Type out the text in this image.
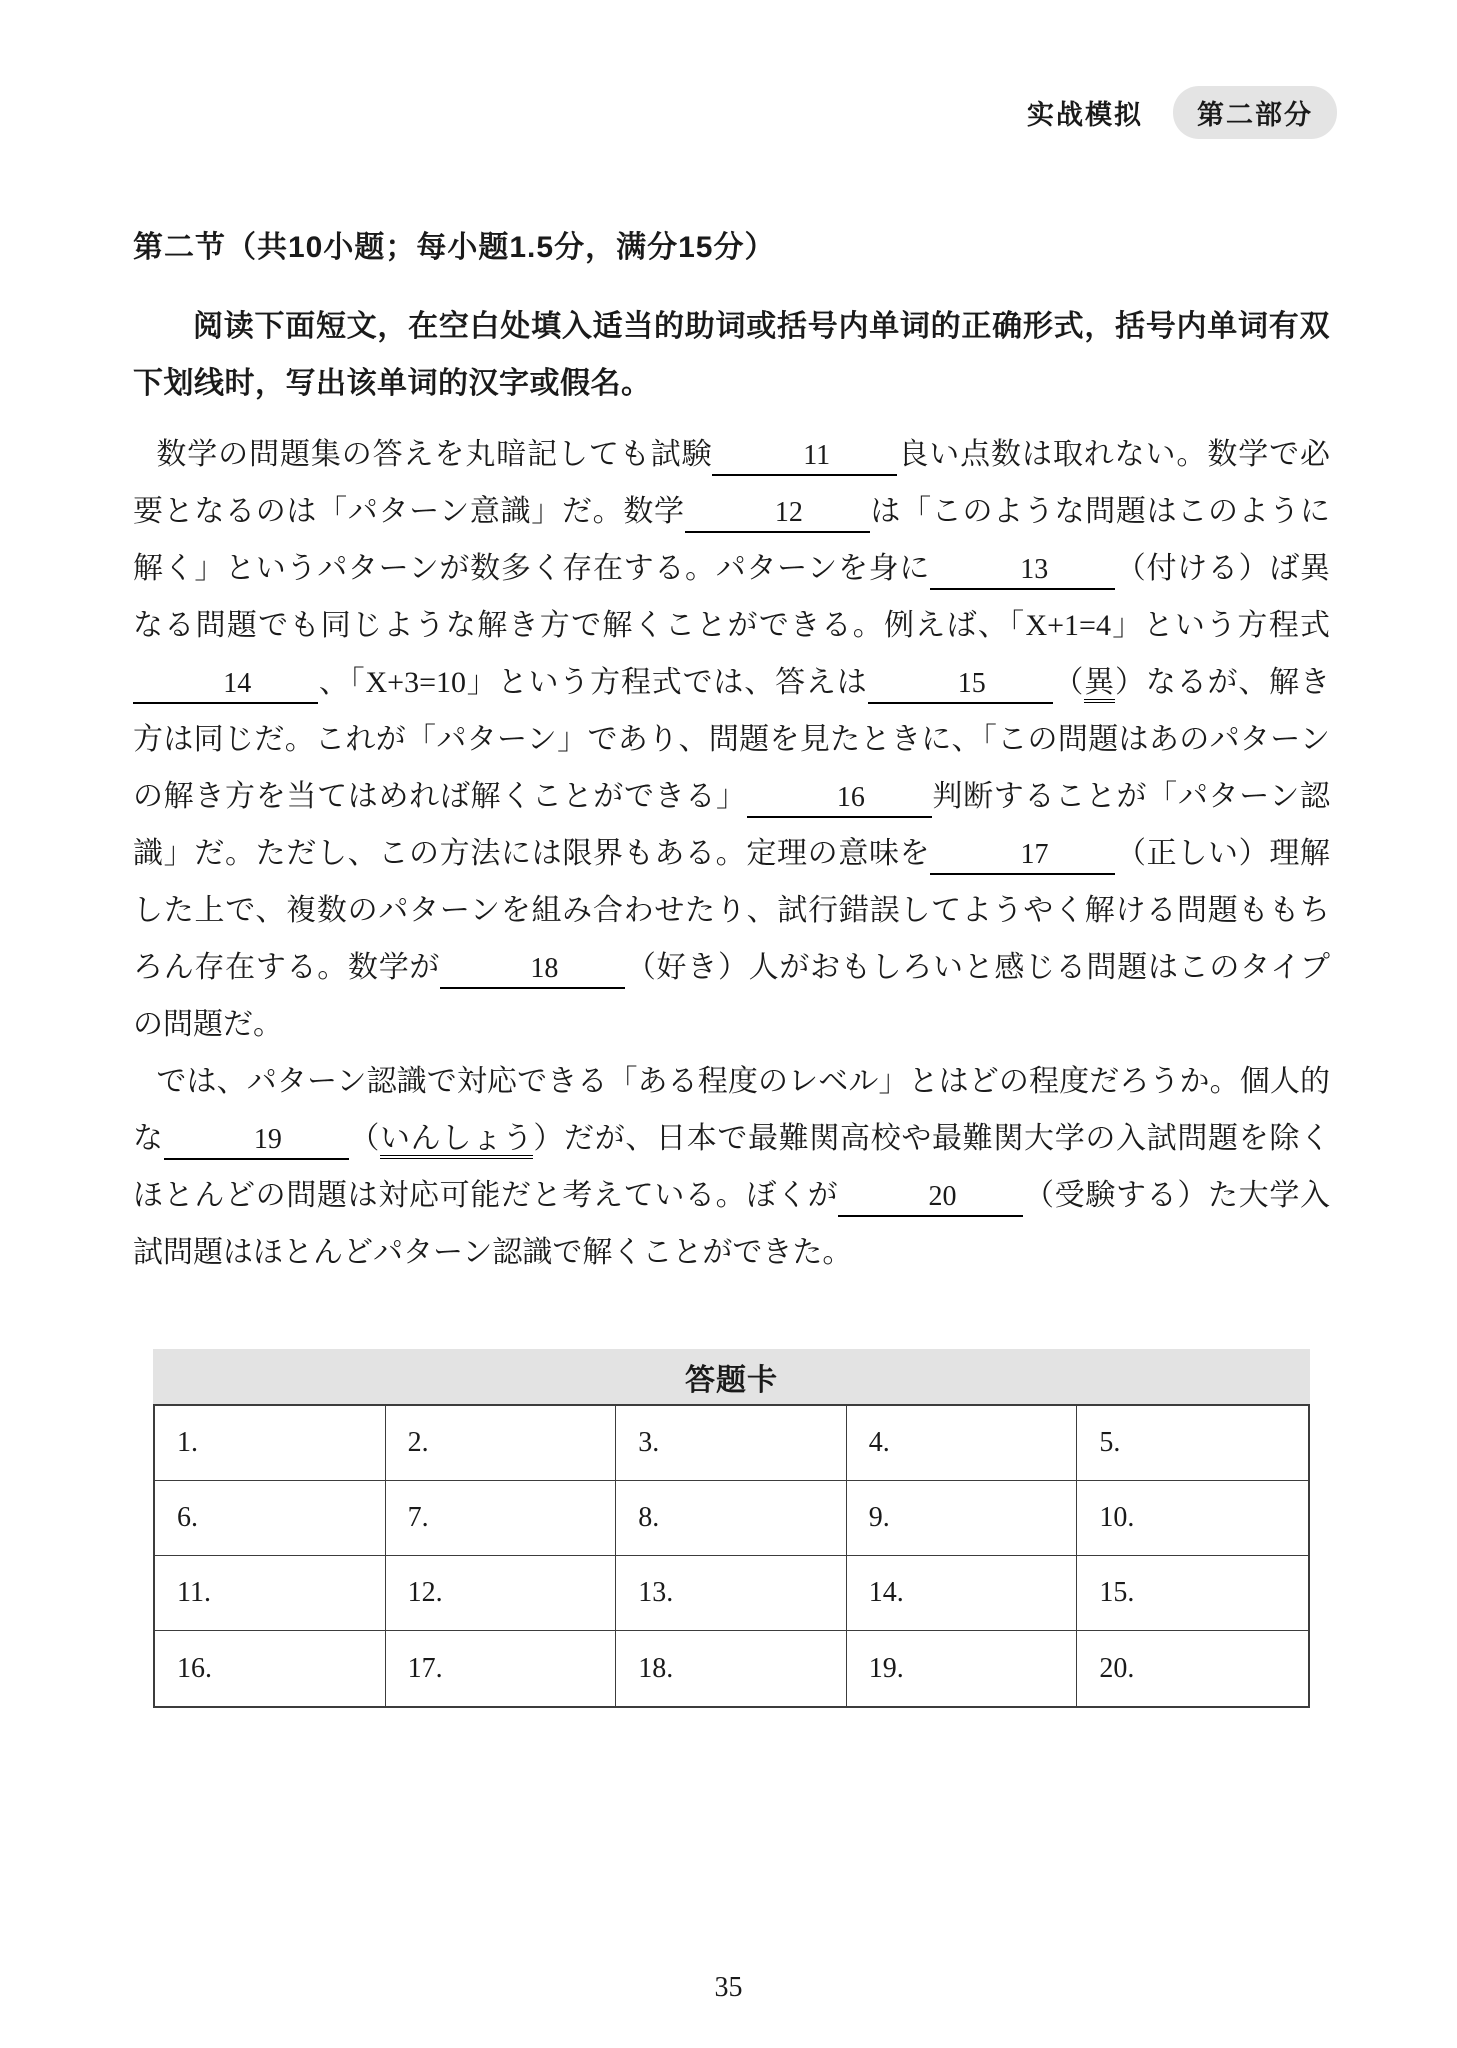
实战模拟	第二部分
第二节（共10小题；每小题1.5分，满分15分）

阅读下面短文，在空白处填入适当的助词或括号内单词的正确形式，括号内单词有双下划线时，写出该单词的汉字或假名。

数学の問題集の答えを丸暗記しても試験	11 良い点数は取れない。数学で必要となるのは「パターン意識」だ。数学	12 は「このような問題はこのように解く」というパターンが数多く存在する。パターンを身に	13 （付ける）ば異なる問題でも同じような解き方で解くことができる。例えば、「X+1=4」という方程式14 、「X+3=10」という方程式では、答えは	15 （異）なるが、解き方は同じだ。これが「パターン」であり、問題を見たときに、「この問題はあのパターンの解き方を当てはめれば解くことができる」	16 判断することが「パターン認識」だ。ただし、この方法には限界もある。定理の意味を	17 （正しい）理解した上で、複数のパターンを組み合わせたり、試行錯誤してようやく解ける問題ももちろん存在する。数学が	18 （好き）人がおもしろいと感じる問題はこのタイプの問題だ。

では、パターン認識で対応できる「ある程度のレベル」とはどの程度だろうか。個人的な	19 （いんしょう）だが、日本で最難関高校や最難関大学の入試問題を除くほとんどの問題は対応可能だと考えている。ぼくが	20 （受験する）た大学入試問題はほとんどパターン認識で解くことができた。

答题卡
1.	2.	3.	4.	5.
6.	7.	8.	9.	10.
11.	12.	13.	14.	15.
16.	17.	18.	19.	20.
35
